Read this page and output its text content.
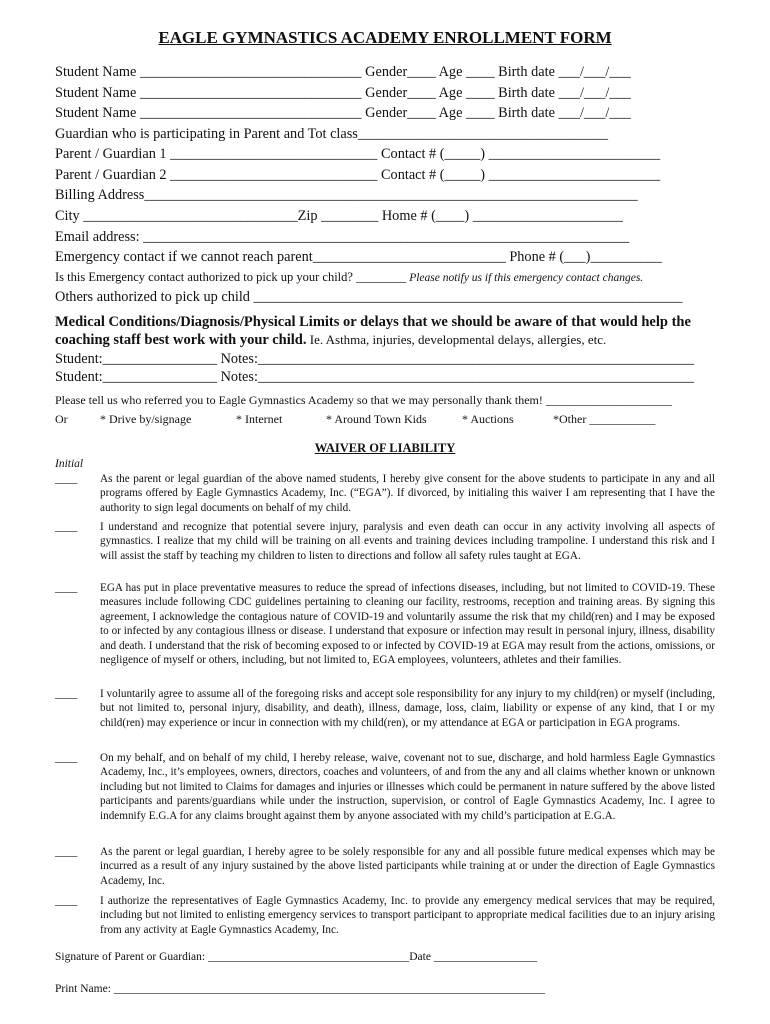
EAGLE GYMNASTICS ACADEMY ENROLLMENT FORM
Student Name _______________________________ Gender____ Age ____ Birth date ___/___/___
Student Name _______________________________ Gender____ Age ____ Birth date ___/___/___
Student Name _______________________________ Gender____ Age ____ Birth date ___/___/___
Guardian who is participating in Parent and Tot class___________________________________
Parent / Guardian 1 _____________________________ Contact # (_____) ________________________
Parent / Guardian 2 _____________________________ Contact # (_____) ________________________
Billing Address_____________________________________________________________________
City ______________________________Zip ________ Home # (____) _____________________
Email address: ____________________________________________________________________
Emergency contact if we cannot reach parent___________________________ Phone # (___)__________
Is this Emergency contact authorized to pick up your child? ________ Please notify us if this emergency contact changes.
Others authorized to pick up child ____________________________________________________________
Medical Conditions/Diagnosis/Physical Limits or delays that we should be aware of that would help the coaching staff best work with your child. Ie. Asthma, injuries, developmental delays, allergies, etc.
Student:________________ Notes:_____________________________________________________________
Student:________________ Notes:_____________________________________________________________
Please tell us who referred you to Eagle Gymnastics Academy so that we may personally thank them! _____________________
Or	* Drive by/signage	* Internet	* Around Town Kids	* Auctions	*Other ___________
WAIVER OF LIABILITY
Initial
____	As the parent or legal guardian of the above named students, I hereby give consent for the above students to participate in any and all programs offered by Eagle Gymnastics Academy, Inc. (“EGA”). If divorced, by initialing this waiver I am representing that I have the authority to sign legal documents on behalf of my child.
____	I understand and recognize that potential severe injury, paralysis and even death can occur in any activity involving all aspects of gymnastics. I realize that my child will be training on all events and training devices including trampoline. I understand this risk and I will assist the staff by teaching my children to listen to directions and follow all safety rules taught at EGA.
____	EGA has put in place preventative measures to reduce the spread of infections diseases, including, but not limited to COVID-19. These measures include following CDC guidelines pertaining to cleaning our facility, restrooms, reception and training areas. By signing this agreement, I acknowledge the contagious nature of COVID-19 and voluntarily assume the risk that my child(ren) and I may be exposed to or infected by any contagious illness or disease. I understand that exposure or infection may result in personal injury, illness, disability and death. I understand that the risk of becoming exposed to or infected by COVID-19 at EGA may result from the actions, omissions, or negligence of myself or others, including, but not limited to, EGA employees, volunteers, athletes and their families.
____	I voluntarily agree to assume all of the foregoing risks and accept sole responsibility for any injury to my child(ren) or myself (including, but not limited to, personal injury, disability, and death), illness, damage, loss, claim, liability or expense of any kind, that I or my child(ren) may experience or incur in connection with my child(ren), or my attendance at EGA or participation in EGA programs.
____	On my behalf, and on behalf of my child, I hereby release, waive, covenant not to sue, discharge, and hold harmless Eagle Gymnastics Academy, Inc., it’s employees, owners, directors, coaches and volunteers, of and from the any and all claims whether known or unknown including but not limited to Claims for damages and injuries or illnesses which could be permanent in nature suffered by the above listed participants and parents/guardians while under the instruction, supervision, or control of Eagle Gymnastics Academy, Inc. I agree to indemnify E.G.A for any claims brought against them by anyone associated with my child’s participation at E.G.A.
____	As the parent or legal guardian, I hereby agree to be solely responsible for any and all possible future medical expenses which may be incurred as a result of any injury sustained by the above listed participants while training at or under the direction of Eagle Gymnastics Academy, Inc.
____	I authorize the representatives of Eagle Gymnastics Academy, Inc. to provide any emergency medical services that may be required, including but not limited to enlisting emergency services to transport participant to appropriate medical facilities due to an injury arising from any activity at Eagle Gymnastics Academy, Inc.
Signature of Parent or Guardian: ___________________________________Date __________________
Print Name: ___________________________________________________________________________
